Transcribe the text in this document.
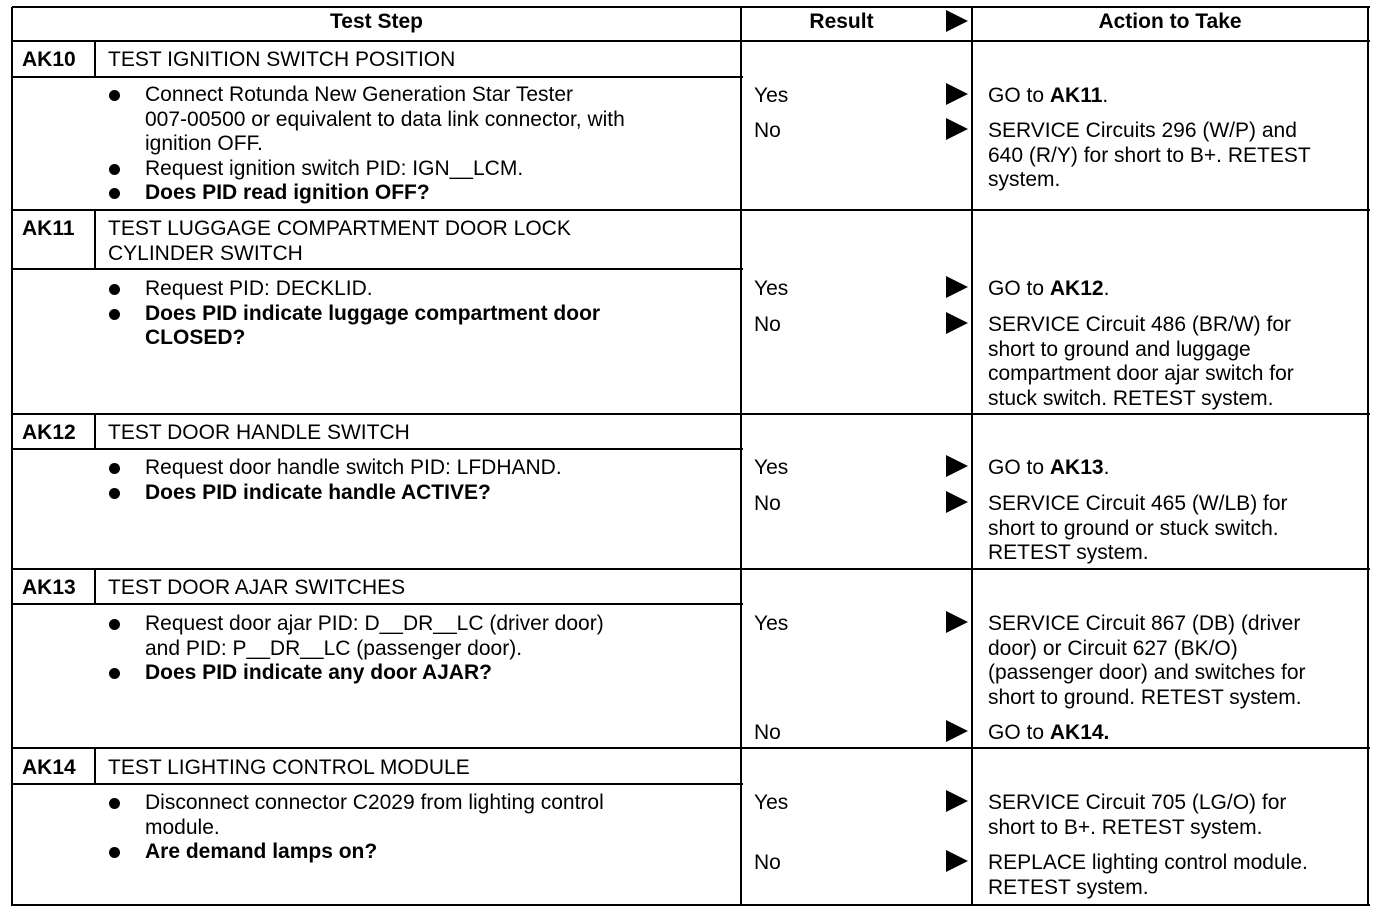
Test Step	Result	Action to Take
AK10 TEST IGNITION SWITCH POSITION
Connect Rotunda New Generation Star Tester
007-00500 or equivalent to data link connector, with
ignition OFF.
Request ignition switch PID: IGN__LCM.
Does PID read ignition OFF?
Yes	GO to AK11.
No	SERVICE Circuits 296 (W/P) and
640 (R/Y) for short to B+. RETEST
system.
AK11 TEST LUGGAGE COMPARTMENT DOOR LOCK
CYLINDER SWITCH
Request PID: DECKLID.
Does PID indicate luggage compartment door
CLOSED?
Yes	GO to AK12.
No	SERVICE Circuit 486 (BR/W) for
short to ground and luggage
compartment door ajar switch for
stuck switch. RETEST system.
AK12 TEST DOOR HANDLE SWITCH
Request door handle switch PID: LFDHAND.
Does PID indicate handle ACTIVE?
Yes	GO to AK13.
No	SERVICE Circuit 465 (W/LB) for
short to ground or stuck switch.
RETEST system.
AK13 TEST DOOR AJAR SWITCHES
Request door ajar PID: D__DR__LC (driver door)
and PID: P__DR__LC (passenger door).
Does PID indicate any door AJAR?
Yes	SERVICE Circuit 867 (DB) (driver
door) or Circuit 627 (BK/O)
(passenger door) and switches for
short to ground. RETEST system.
No	GO to AK14.
AK14 TEST LIGHTING CONTROL MODULE
Disconnect connector C2029 from lighting control
module.
Are demand lamps on?
Yes	SERVICE Circuit 705 (LG/O) for
short to B+. RETEST system.
No	REPLACE lighting control module.
RETEST system.
